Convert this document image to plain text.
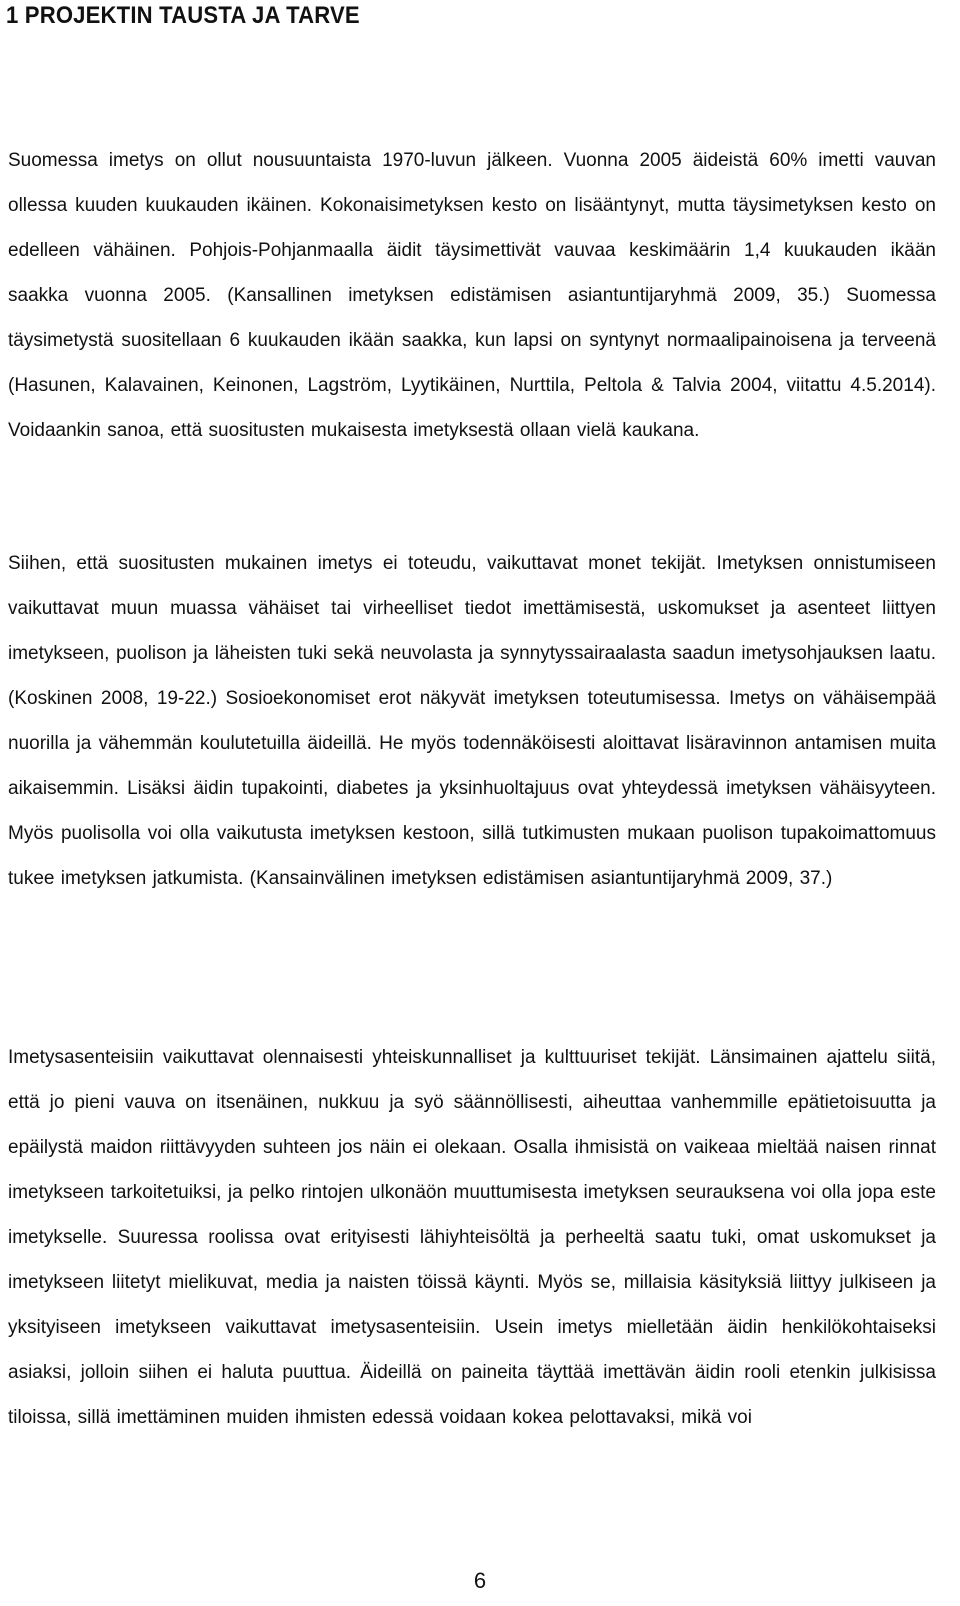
1 PROJEKTIN TAUSTA JA TARVE

Suomessa imetys on ollut nousuuntaista 1970-luvun jälkeen. Vuonna 2005 äideistä 60% imetti vauvan ollessa kuuden kuukauden ikäinen. Kokonaisimetyksen kesto on lisääntynyt, mutta täysimetyksen kesto on edelleen vähäinen. Pohjois-Pohjanmaalla äidit täysimettivät vauvaa keskimäärin 1,4 kuukauden ikään saakka vuonna 2005. (Kansallinen imetyksen edistämisen asiantuntijaryhmä 2009, 35.) Suomessa täysimetystä suositellaan 6 kuukauden ikään saakka, kun lapsi on syntynyt normaalipainoisena ja terveenä (Hasunen, Kalavainen, Keinonen, Lagström, Lyytikäinen, Nurttila, Peltola & Talvia 2004, viitattu 4.5.2014). Voidaankin sanoa, että suositusten mukaisesta imetyksestä ollaan vielä kaukana.

Siihen, että suositusten mukainen imetys ei toteudu, vaikuttavat monet tekijät. Imetyksen onnistumiseen vaikuttavat muun muassa vähäiset tai virheelliset tiedot imettämisestä, uskomukset ja asenteet liittyen imetykseen, puolison ja läheisten tuki sekä neuvolasta ja synnytyssairaalasta saadun imetysohjauksen laatu. (Koskinen 2008, 19-22.) Sosioekonomiset erot näkyvät imetyksen toteutumisessa. Imetys on vähäisempää nuorilla ja vähemmän koulutetuilla äideillä. He myös todennäköisesti aloittavat lisäravinnon antamisen muita aikaisemmin. Lisäksi äidin tupakointi, diabetes ja yksinhuoltajuus ovat yhteydessä imetyksen vähäisyyteen. Myös puolisolla voi olla vaikutusta imetyksen kestoon, sillä tutkimusten mukaan puolison tupakoimattomuus tukee imetyksen jatkumista. (Kansainvälinen imetyksen edistämisen asiantuntijaryhmä 2009, 37.)

Imetysasenteisiin vaikuttavat olennaisesti yhteiskunnalliset ja kulttuuriset tekijät. Länsimainen ajattelu siitä, että jo pieni vauva on itsenäinen, nukkuu ja syö säännöllisesti, aiheuttaa vanhemmille epätietoisuutta ja epäilystä maidon riittävyyden suhteen jos näin ei olekaan. Osalla ihmisistä on vaikeaa mieltää naisen rinnat imetykseen tarkoitetuiksi, ja pelko rintojen ulkonäön muuttumisesta imetyksen seurauksena voi olla jopa este imetykselle. Suuressa roolissa ovat erityisesti lähiyhteisöltä ja perheeltä saatu tuki, omat uskomukset ja imetykseen liitetyt mielikuvat, media ja naisten töissä käynti. Myös se, millaisia käsityksiä liittyy julkiseen ja yksityiseen imetykseen vaikuttavat imetysasenteisiin. Usein imetys mielletään äidin henkilökohtaiseksi asiaksi, jolloin siihen ei haluta puuttua. Äideillä on paineita täyttää imettävän äidin rooli etenkin julkisissa tiloissa, sillä imettäminen muiden ihmisten edessä voidaan kokea pelottavaksi, mikä voi

6
